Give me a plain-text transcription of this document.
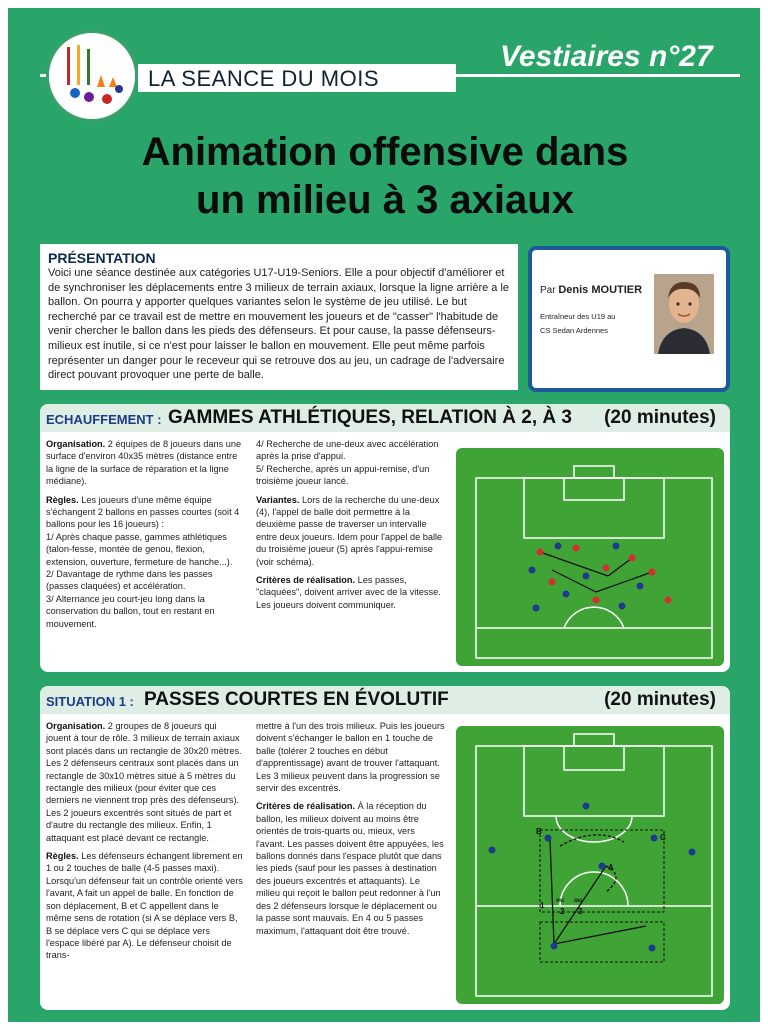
LA SEANCE DU MOIS
Vestiaires n°27
Animation offensive dans
un milieu à 3 axiaux
PRÉSENTATION
Voici une séance destinée aux catégories U17-U19-Seniors. Elle a pour objectif d'améliorer et de synchroniser les déplacements entre 3 milieux de terrain axiaux, lorsque la ligne arrière a le ballon. On pourra y apporter quelques variantes selon le système de jeu utilisé. Le but recherché par ce travail est de mettre en mouvement les joueurs et de "casser" l'habitude de venir chercher le ballon dans les pieds des défenseurs. Et pour cause, la passe défenseurs-milieux est inutile, si ce n'est pour laisser le ballon en mouvement. Elle peut même parfois représenter un danger pour le receveur qui se retrouve dos au jeu, un cadrage de l'adversaire direct pouvant provoquer une perte de balle.
Par Denis MOUTIER
Entraîneur des U19 au
CS Sedan Ardennes
ECHAUFFEMENT : GAMMES ATHLÉTIQUES, RELATION À 2, À 3 (20 minutes)

Organisation. 2 équipes de 8 joueurs dans une surface d'environ 40x35 mètres (distance entre la ligne de la surface de réparation et la ligne médiane).

Règles. Les joueurs d'une même équipe s'échangent 2 ballons en passes courtes (soit 4 ballons pour les 16 joueurs) :
1/ Après chaque passe, gammes athlétiques (talon-fesse, montée de genou, flexion, extension, ouverture, fermeture de hanche...).
2/ Davantage de rythme dans les passes (passes claquées) et accélération.
3/ Alternance jeu court-jeu long dans la conservation du ballon, tout en restant en mouvement.

4/ Recherche de une-deux avec accélération après la prise d'appui.
5/ Recherche, après un appui-remise, d'un troisième joueur lancé.

Variantes. Lors de la recherche du une-deux (4), l'appel de balle doit permettre à la deuxième passe de traverser un intervalle entre deux joueurs. Idem pour l'appel de balle du troisième joueur (5) après l'appui-remise (voir schéma).

Critères de réalisation. Les passes, "claquées", doivent arriver avec de la vitesse. Les joueurs doivent communiquer.

SITUATION 1 : PASSES COURTES EN ÉVOLUTIF	(20 minutes)

Organisation. 2 groupes de 8 joueurs qui jouent à tour de rôle. 3 milieux de terrain axiaux sont placés dans un rectangle de 30x20 mètres. Les 2 défenseurs centraux sont placés dans un rectangle de 30x10 mètres situé à 5 mètres du rectangle des milieux (pour éviter que ces derniers ne viennent trop près des défenseurs). Les 2 joueurs excentrés sont situés de part et d'autre du rectangle des milieux. Enfin, 1 attaquant est placé devant ce rectangle.

Règles. Les défenseurs échangent librement en 1 ou 2 touches de balle (4-5 passes maxi). Lorsqu'un défenseur fait un contrôle orienté vers l'avant, A fait un appel de balle. En fonction de son déplacement, B et C appellent dans le même sens de rotation (si A se déplace vers B, B se déplace vers C qui se déplace vers l'espace libéré par A). Le défenseur choisit de trans-

mettre à l'un des trois milieux. Puis les joueurs doivent s'échanger le ballon en 1 touche de balle (tolérer 2 touches en début d'apprentissage) avant de trouver l'attaquant. Les 3 milieux peuvent dans la progression se servir des excentrés.

Critères de réalisation. À la réception du ballon, les milieux doivent au moins être orientés de trois-quarts ou, mieux, vers l'avant. Les passes doivent être appuyées, les ballons donnés dans l'espace plutôt que dans les pieds (sauf pour les passes à destination des joueurs excentrés et attaquants). Le milieu qui reçoit le ballon peut redonner à l'un des 2 défenseurs lorsque le déplacement ou la passe sont mauvais. En 4 ou 5 passes maximum, l'attaquant doit être trouvé.

B
C
A
1
2 3
ou ou
